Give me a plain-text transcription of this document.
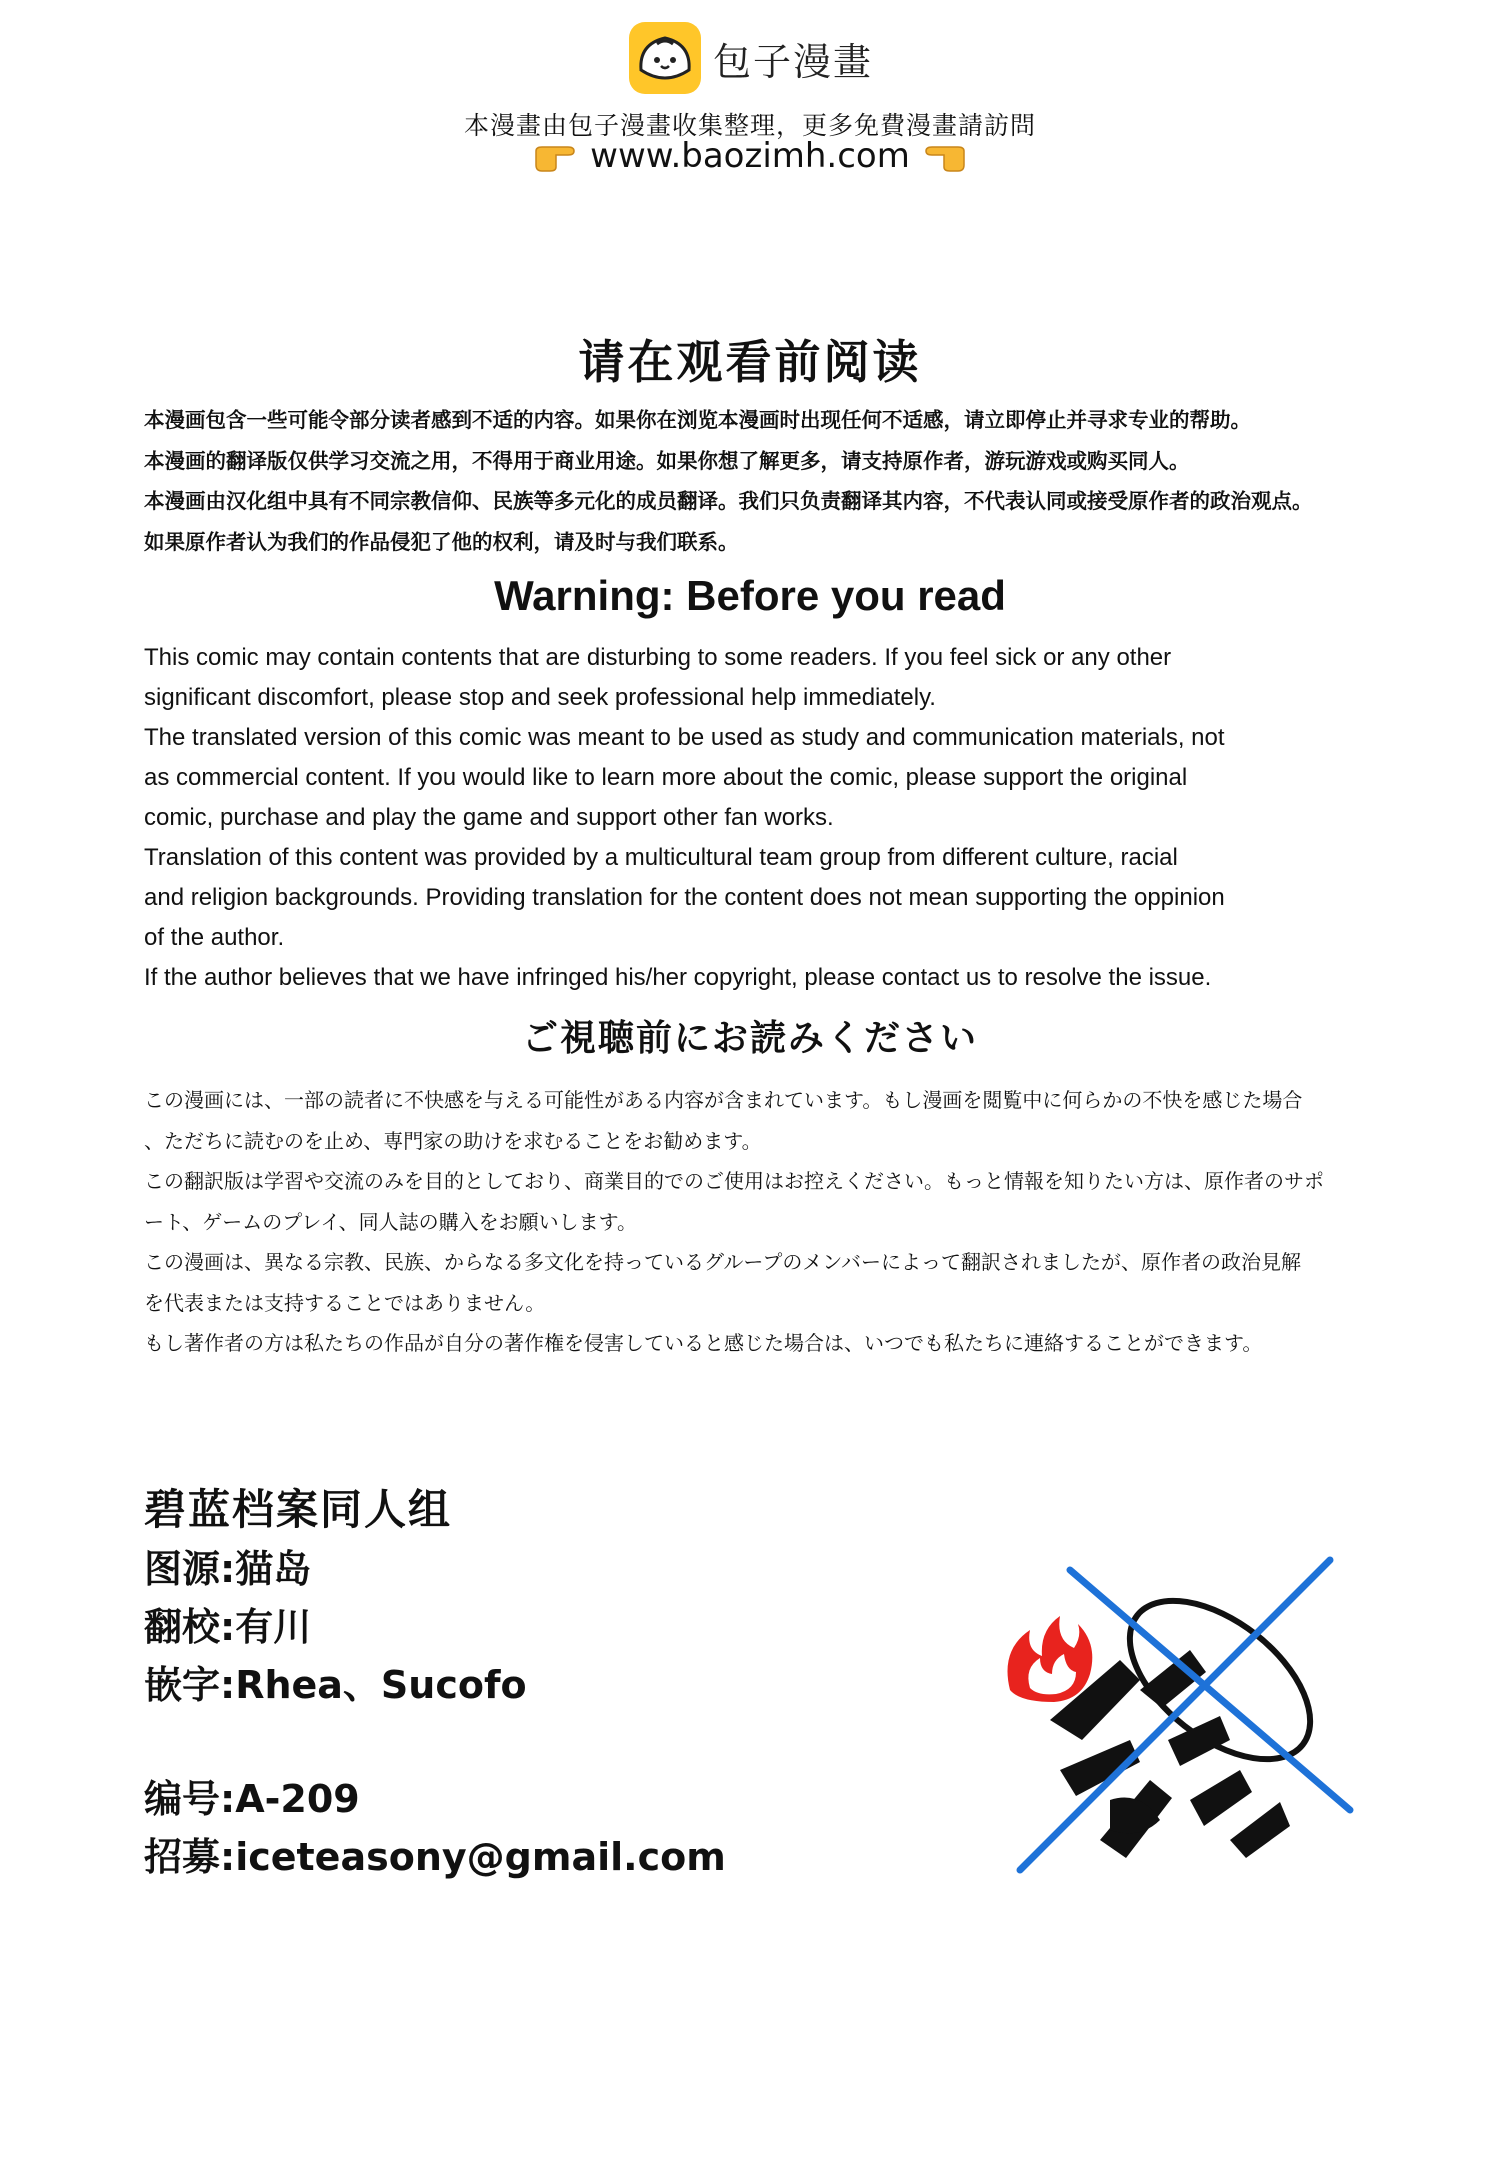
包子漫畫
本漫畫由包子漫畫收集整理，更多免費漫畫請訪問
www.baozimh.com
请在观看前阅读
本漫画包含一些可能令部分读者感到不适的内容。如果你在浏览本漫画时出现任何不适感，请立即停止并寻求专业的帮助。
本漫画的翻译版仅供学习交流之用，不得用于商业用途。如果你想了解更多，请支持原作者，游玩游戏或购买同人。
本漫画由汉化组中具有不同宗教信仰、民族等多元化的成员翻译。我们只负责翻译其内容，不代表认同或接受原作者的政治观点。
如果原作者认为我们的作品侵犯了他的权利，请及时与我们联系。
Warning: Before you read
This comic may contain contents that are disturbing to some readers. If you feel sick or any other
significant discomfort, please stop and seek professional help immediately.
The translated version of this comic was meant to be used as study and communication materials, not
as commercial content. If you would like to learn more about the comic, please support the original
comic, purchase and play the game and support other fan works.
Translation of this content was provided by a multicultural team group from different culture, racial
and religion backgrounds. Providing translation for the content does not mean supporting the oppinion
of the author.
If the author believes that we have infringed his/her copyright, please contact us to resolve the issue.
ご視聴前にお読みください
この漫画には、一部の読者に不快感を与える可能性がある内容が含まれています。もし漫画を閲覧中に何らかの不快を感じた場合
、ただちに読むのを止め、専門家の助けを求むることをお勧めます。
この翻訳版は学習や交流のみを目的としており、商業目的でのご使用はお控えください。もっと情報を知りたい方は、原作者のサポ
ート、ゲームのプレイ、同人誌の購入をお願いします。
この漫画は、異なる宗教、民族、からなる多文化を持っているグループのメンバーによって翻訳されましたが、原作者の政治見解
を代表または支持することではありません。
もし著作者の方は私たちの作品が自分の著作権を侵害していると感じた場合は、いつでも私たちに連絡することができます。
碧蓝档案同人组
图源:猫岛
翻校:有川
嵌字:Rhea、Sucofo
编号:A-209
招募:iceteasony@gmail.com
